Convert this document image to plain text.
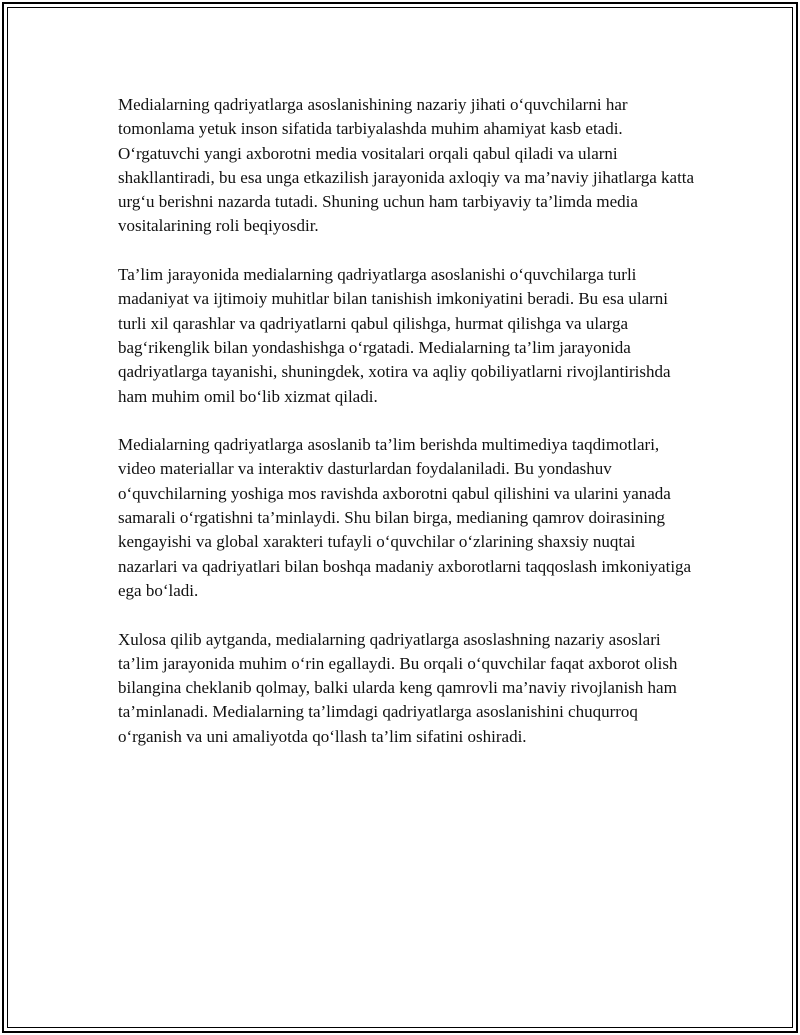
Medialarning qadriyatlarga asoslanishining nazariy jihati o‘quvchilarni har tomonlama yetuk inson sifatida tarbiyalashda muhim ahamiyat kasb etadi. O‘rgatuvchi yangi axborotni media vositalari orqali qabul qiladi va ularni shakllantiradi, bu esa unga etkazilish jarayonida axloqiy va ma’naviy jihatlarga katta urg‘u berishni nazarda tutadi. Shuning uchun ham tarbiyaviy ta’limda media vositalarining roli beqiyosdir.

Ta’lim jarayonida medialarning qadriyatlarga asoslanishi o‘quvchilarga turli madaniyat va ijtimoiy muhitlar bilan tanishish imkoniyatini beradi. Bu esa ularni turli xil qarashlar va qadriyatlarni qabul qilishga, hurmat qilishga va ularga bag‘rikenglik bilan yondashishga o‘rgatadi. Medialarning ta’lim jarayonida qadriyatlarga tayanishi, shuningdek, xotira va aqliy qobiliyatlarni rivojlantirishda ham muhim omil bo‘lib xizmat qiladi.

Medialarning qadriyatlarga asoslanib ta’lim berishda multimediya taqdimotlari, video materiallar va interaktiv dasturlardan foydalaniladi. Bu yondashuv o‘quvchilarning yoshiga mos ravishda axborotni qabul qilishini va ularini yanada samarali o‘rgatishni ta’minlaydi. Shu bilan birga, medianing qamrov doirasining kengayishi va global xarakteri tufayli o‘quvchilar o‘zlarining shaxsiy nuqtai nazarlari va qadriyatlari bilan boshqa madaniy axborotlarni taqqoslash imkoniyatiga ega bo‘ladi.

Xulosa qilib aytganda, medialarning qadriyatlarga asoslashning nazariy asoslari ta’lim jarayonida muhim o‘rin egallaydi. Bu orqali o‘quvchilar faqat axborot olish bilangina cheklanib qolmay, balki ularda keng qamrovli ma’naviy rivojlanish ham ta’minlanadi. Medialarning ta’limdagi qadriyatlarga asoslanishini chuqurroq o‘rganish va uni amaliyotda qo‘llash ta’lim sifatini oshiradi.
